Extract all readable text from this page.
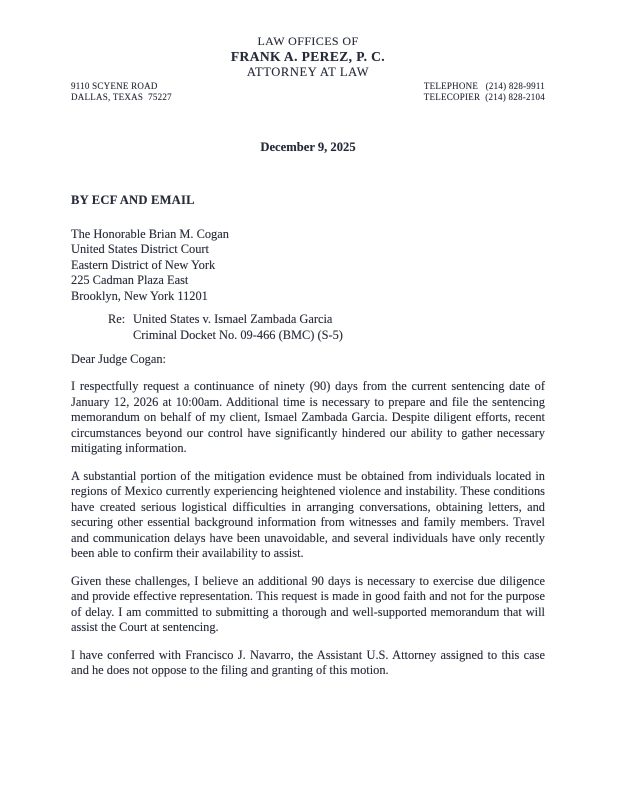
LAW OFFICES OF
FRANK A. PEREZ, P. C.
ATTORNEY AT LAW
9110 SCYENE ROAD
DALLAS, TEXAS  75227
TELEPHONE   (214) 828-9911
TELECOPIER  (214) 828-2104
December 9, 2025
BY ECF AND EMAIL
The Honorable Brian M. Cogan
United States District Court
Eastern District of New York
225 Cadman Plaza East
Brooklyn, New York 11201
Re: United States v. Ismael Zambada Garcia
Criminal Docket No. 09-466 (BMC) (S-5)
Dear Judge Cogan:

I respectfully request a continuance of ninety (90) days from the current sentencing date of January 12, 2026 at 10:00am. Additional time is necessary to prepare and file the sentencing memorandum on behalf of my client, Ismael Zambada Garcia. Despite diligent efforts, recent circumstances beyond our control have significantly hindered our ability to gather necessary mitigating information.

A substantial portion of the mitigation evidence must be obtained from individuals located in regions of Mexico currently experiencing heightened violence and instability. These conditions have created serious logistical difficulties in arranging conversations, obtaining letters, and securing other essential background information from witnesses and family members. Travel and communication delays have been unavoidable, and several individuals have only recently been able to confirm their availability to assist.

Given these challenges, I believe an additional 90 days is necessary to exercise due diligence and provide effective representation. This request is made in good faith and not for the purpose of delay. I am committed to submitting a thorough and well-supported memorandum that will assist the Court at sentencing.

I have conferred with Francisco J. Navarro, the Assistant U.S. Attorney assigned to this case and he does not oppose to the filing and granting of this motion.
